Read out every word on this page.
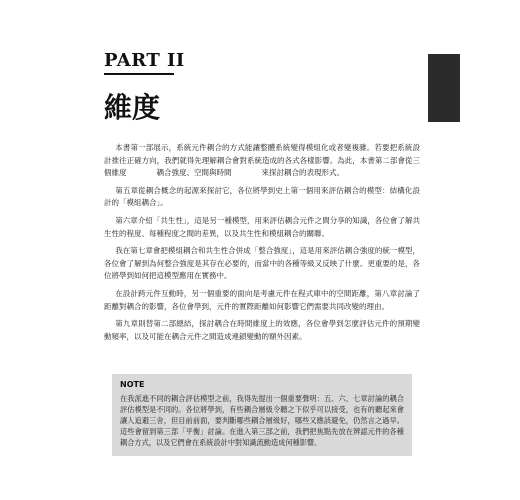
PART II
維度

本書第一部展示，系統元件耦合的方式能讓整體系統變得模組化或者變複雜。若要把系統設計推往正確方向，我們就得先理解耦合會對系統造成的各式各樣影響。為此，本書第二部會從三個維度　　　　耦合強度、空間與時間　　　　來探討耦合的表現形式。

第五章從耦合概念的起源來探討它，各位將學到史上第一個用來評估耦合的模型：結構化設計的「模組耦合」。

第六章介紹「共生性」，這是另一種模型，用來評估耦合元件之間分享的知識，各位會了解共生性的程度、每種程度之間的差異，以及共生性和模組耦合的關聯。

我在第七章會把模組耦合和共生性合併成「整合強度」，這是用來評估耦合強度的統一模型，各位會了解到為何整合強度是其存在必要的，而當中的各種等級又反映了什麼。更重要的是，各位將學到如何把這模型應用在實務中。

在設計跨元件互動時，另一個重要的面向是考慮元件在程式庫中的空間距離，第八章討論了距離對耦合的影響，各位會學到，元件的實際距離如何影響它們需要共同改變的理由。

第九章則替第二部總結，探討耦合在時間維度上的效應，各位會學到怎麼評估元件的預期變動頻率，以及可能在耦合元件之間造成連鎖變動的額外因素。

NOTE
在我派進不同的耦合評估模型之前，我得先提出一個重要聲明：五、六、七章討論的耦合評估模型是不同的。各位將學到，有些耦合層級令聽之下似乎可以接受，也有的聽起來會讓人追避三舍，但目前前面，要判斷哪些耦合層級好，哪些又應該避免，仍然言之過早。這些會留到第三部「平衡」討論。在進入第三部之前，我們把焦點先放在辨認元件的各種耦合方式，以及它們會在系統設計中對知識流動造成何種影響。
